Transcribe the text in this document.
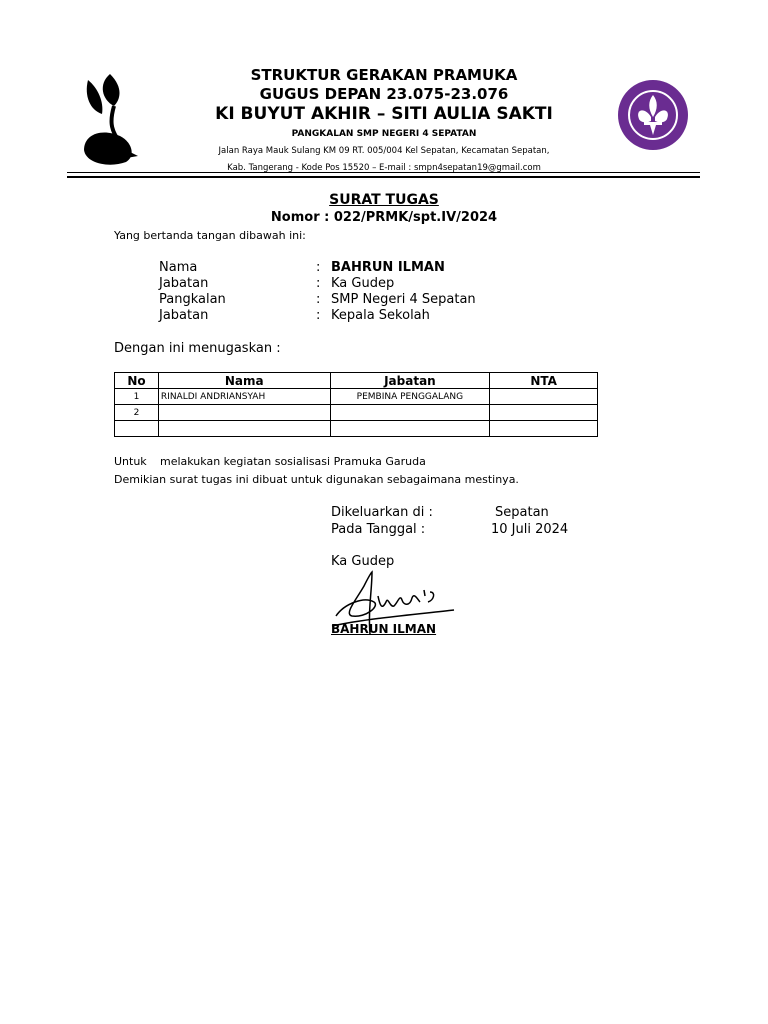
STRUKTUR GERAKAN PRAMUKA
GUGUS DEPAN 23.075-23.076
KI BUYUT AKHIR – SITI AULIA SAKTI
PANGKALAN SMP NEGERI 4 SEPATAN
Jalan Raya Mauk Sulang KM 09 RT. 005/004 Kel Sepatan, Kecamatan Sepatan,
Kab. Tangerang - Kode Pos 15520 – E-mail : smpn4sepatan19@gmail.com
SURAT TUGAS
Nomor : 022/PRMK/spt.IV/2024
Yang bertanda tangan dibawah ini:
Nama	: BAHRUN ILMAN
Jabatan	: Ka Gudep
Pangkalan	: SMP Negeri 4 Sepatan
Jabatan	: Kepala Sekolah
Dengan ini menugaskan :
No	Nama	Jabatan	NTA
1	RINALDI ANDRIANSYAH	PEMBINA PENGGALANG	
2			

Untuk melakukan kegiatan sosialisasi Pramuka Garuda
Demikian surat tugas ini dibuat untuk digunakan sebagaimana mestinya.
Dikeluarkan di :	Sepatan
Pada Tanggal :	10 Juli 2024
Ka Gudep
BAHRUN ILMAN
